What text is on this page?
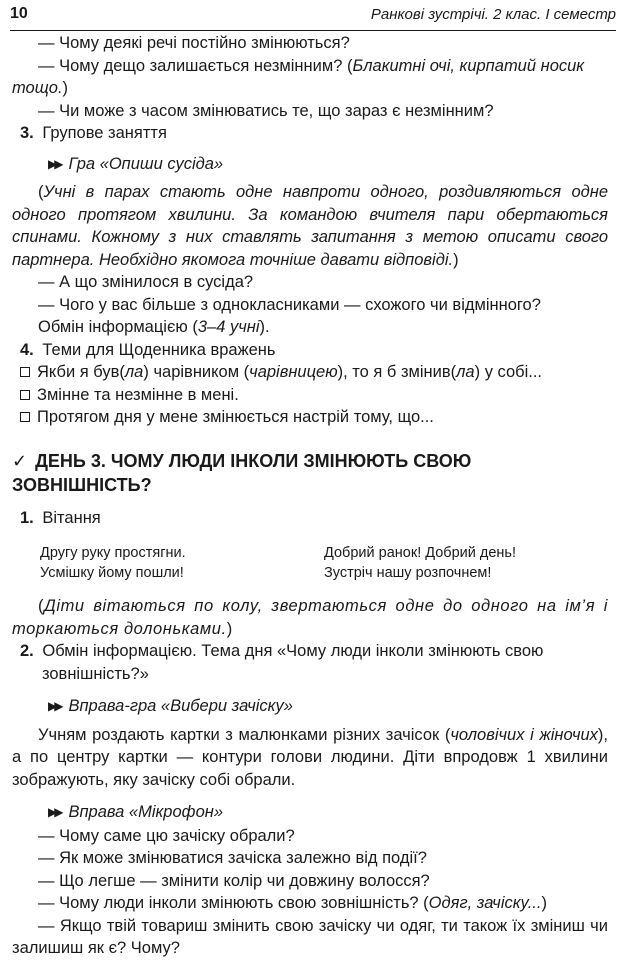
10	Ранкові зустрічі. 2 клас. І семестр

— Чому деякі речі постійно змінюються?

— Чому дещо залишається незмінним? (Блакитні очі, кирпатий носик тощо.)

— Чи може з часом змінюватись те, що зараз є незмінним?

3. Групове заняття

▶▶ Гра «Опиши сусіда»

(Учні в парах стають одне навпроти одного, роздивляються одне одного протягом хвилини. За командою вчителя пари обертаються спинами. Кожному з них ставлять запитання з метою описати свого партнера. Необхідно якомога точніше давати відповіді.)

— А що змінилося в сусіда?

— Чого у вас більше з однокласниками — схожого чи відмінного?

Обмін інформацією (3–4 учні).

4. Теми для Щоденника вражень

Якби я був(ла) чарівником (чарівницею), то я б змінив(ла) у собі...

Змінне та незмінне в мені.

Протягом дня у мене змінюється настрій тому, що...

✓ ДЕНЬ 3. ЧОМУ ЛЮДИ ІНКОЛИ ЗМІНЮЮТЬ СВОЮ ЗОВНІШНІСТЬ?

1. Вітання

Другу руку простягни.
Усмішку йому пошли!
Добрий ранок! Добрий день!
Зустріч нашу розпочнем!

(Діти вітаються по колу, звертаються одне до одного на ім’я і торкаються долоньками.)

2. Обмін інформацією. Тема дня «Чому люди інколи змінюють свою зовнішність?»

▶▶ Вправа-гра «Вибери зачіску»

Учням роздають картки з малюнками різних зачісок (чоловічих і жіночих), а по центру картки — контури голови людини. Діти впродовж 1 хвилини зображують, яку зачіску собі обрали.

▶▶ Вправа «Мікрофон»

— Чому саме цю зачіску обрали?

— Як може змінюватися зачіска залежно від події?

— Що легше — змінити колір чи довжину волосся?

— Чому люди інколи змінюють свою зовнішність? (Одяг, зачіску...)

— Якщо твій товариш змінить свою зачіску чи одяг, ти також їх зміниш чи залишиш як є? Чому?
